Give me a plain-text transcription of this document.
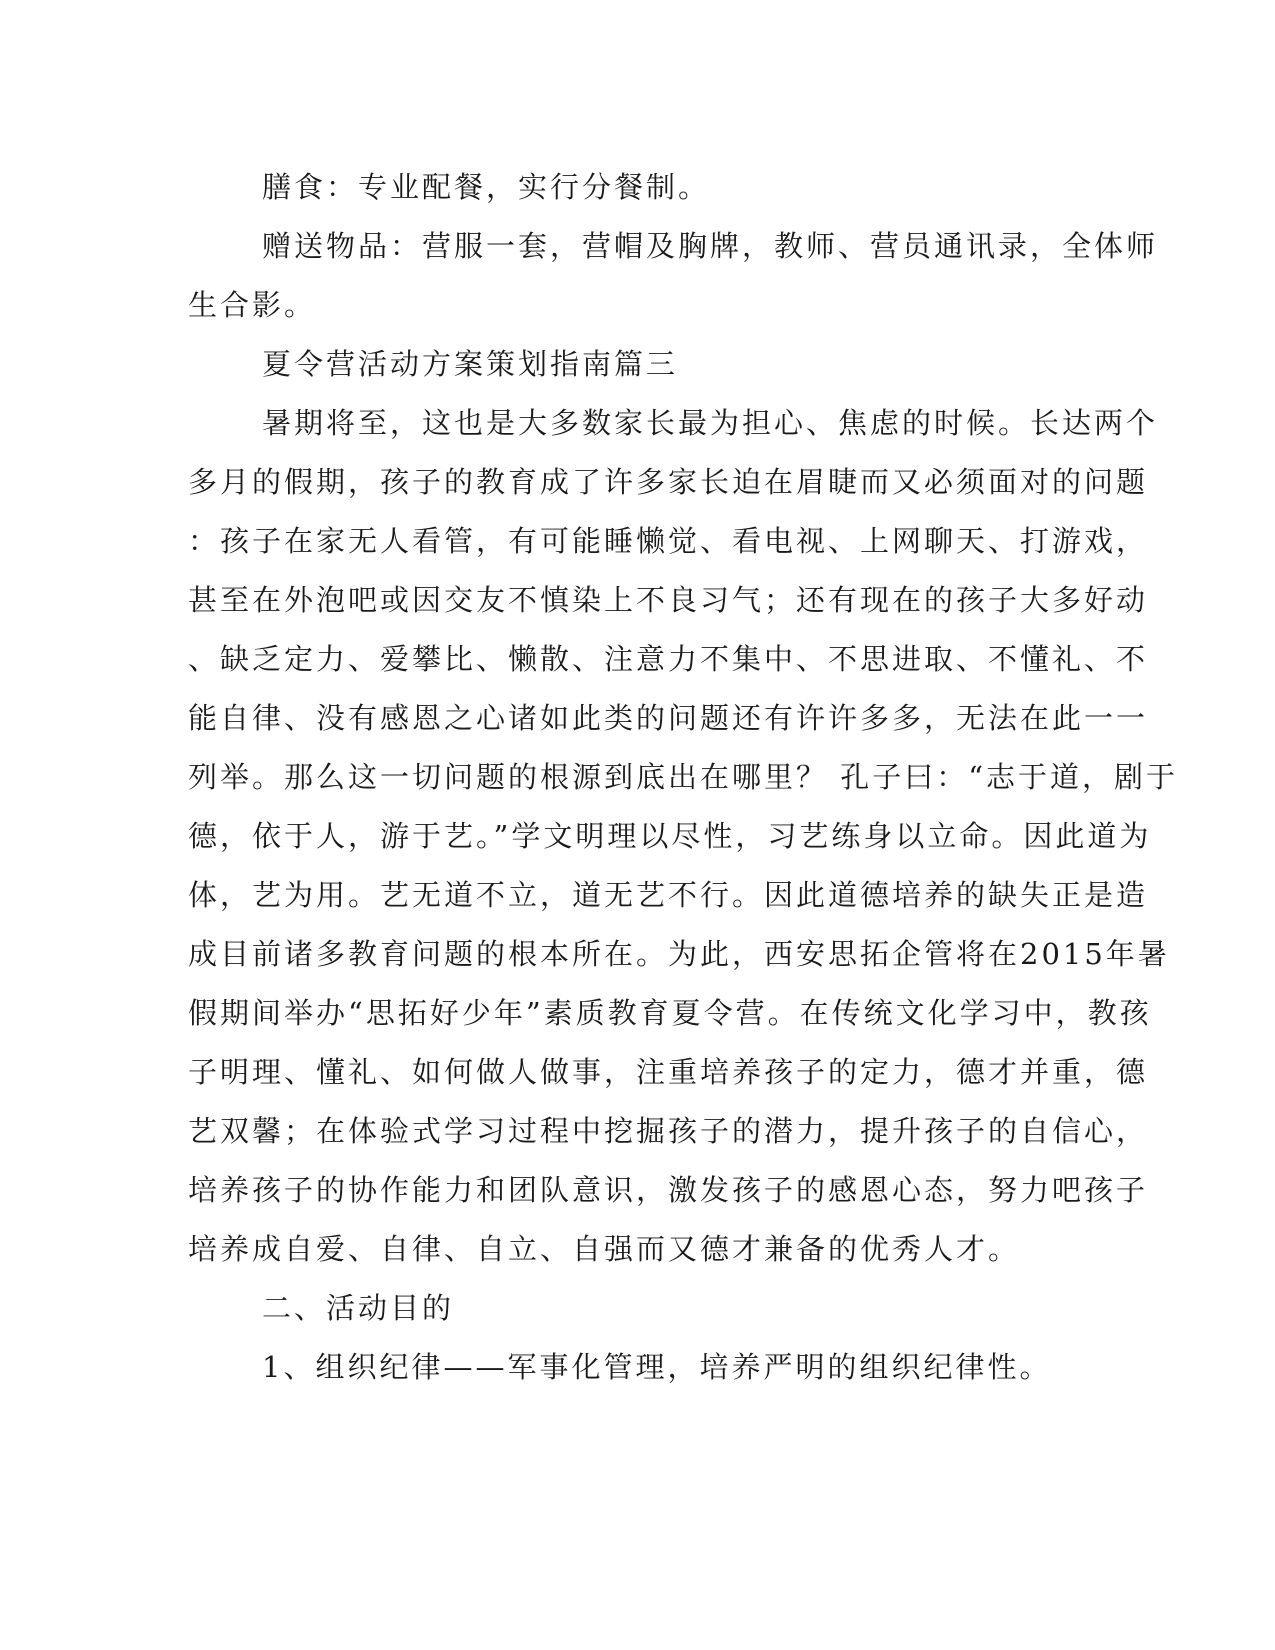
膳食：专业配餐，实行分餐制。
赠送物品：营服一套，营帽及胸牌，教师、营员通讯录，全体师
生合影。
夏令营活动方案策划指南篇三
暑期将至，这也是大多数家长最为担心、焦虑的时候。长达两个
多月的假期，孩子的教育成了许多家长迫在眉睫而又必须面对的问题
：孩子在家无人看管，有可能睡懒觉、看电视、上网聊天、打游戏，
甚至在外泡吧或因交友不慎染上不良习气；还有现在的孩子大多好动
、缺乏定力、爱攀比、懒散、注意力不集中、不思进取、不懂礼、不
能自律、没有感恩之心诸如此类的问题还有许许多多，无法在此一一
列举。那么这一切问题的根源到底出在哪里？ 孔子曰：“志于道，剧于
德，依于人，游于艺。”学文明理以尽性，习艺练身以立命。因此道为
体，艺为用。艺无道不立，道无艺不行。因此道德培养的缺失正是造
成目前诸多教育问题的根本所在。为此，西安思拓企管将在2015年暑
假期间举办“思拓好少年”素质教育夏令营。在传统文化学习中，教孩
子明理、懂礼、如何做人做事，注重培养孩子的定力，德才并重，德
艺双馨；在体验式学习过程中挖掘孩子的潜力，提升孩子的自信心，
培养孩子的协作能力和团队意识，激发孩子的感恩心态，努力吧孩子
培养成自爱、自律、自立、自强而又德才兼备的优秀人才。
二、活动目的
1、组织纪律——军事化管理，培养严明的组织纪律性。
